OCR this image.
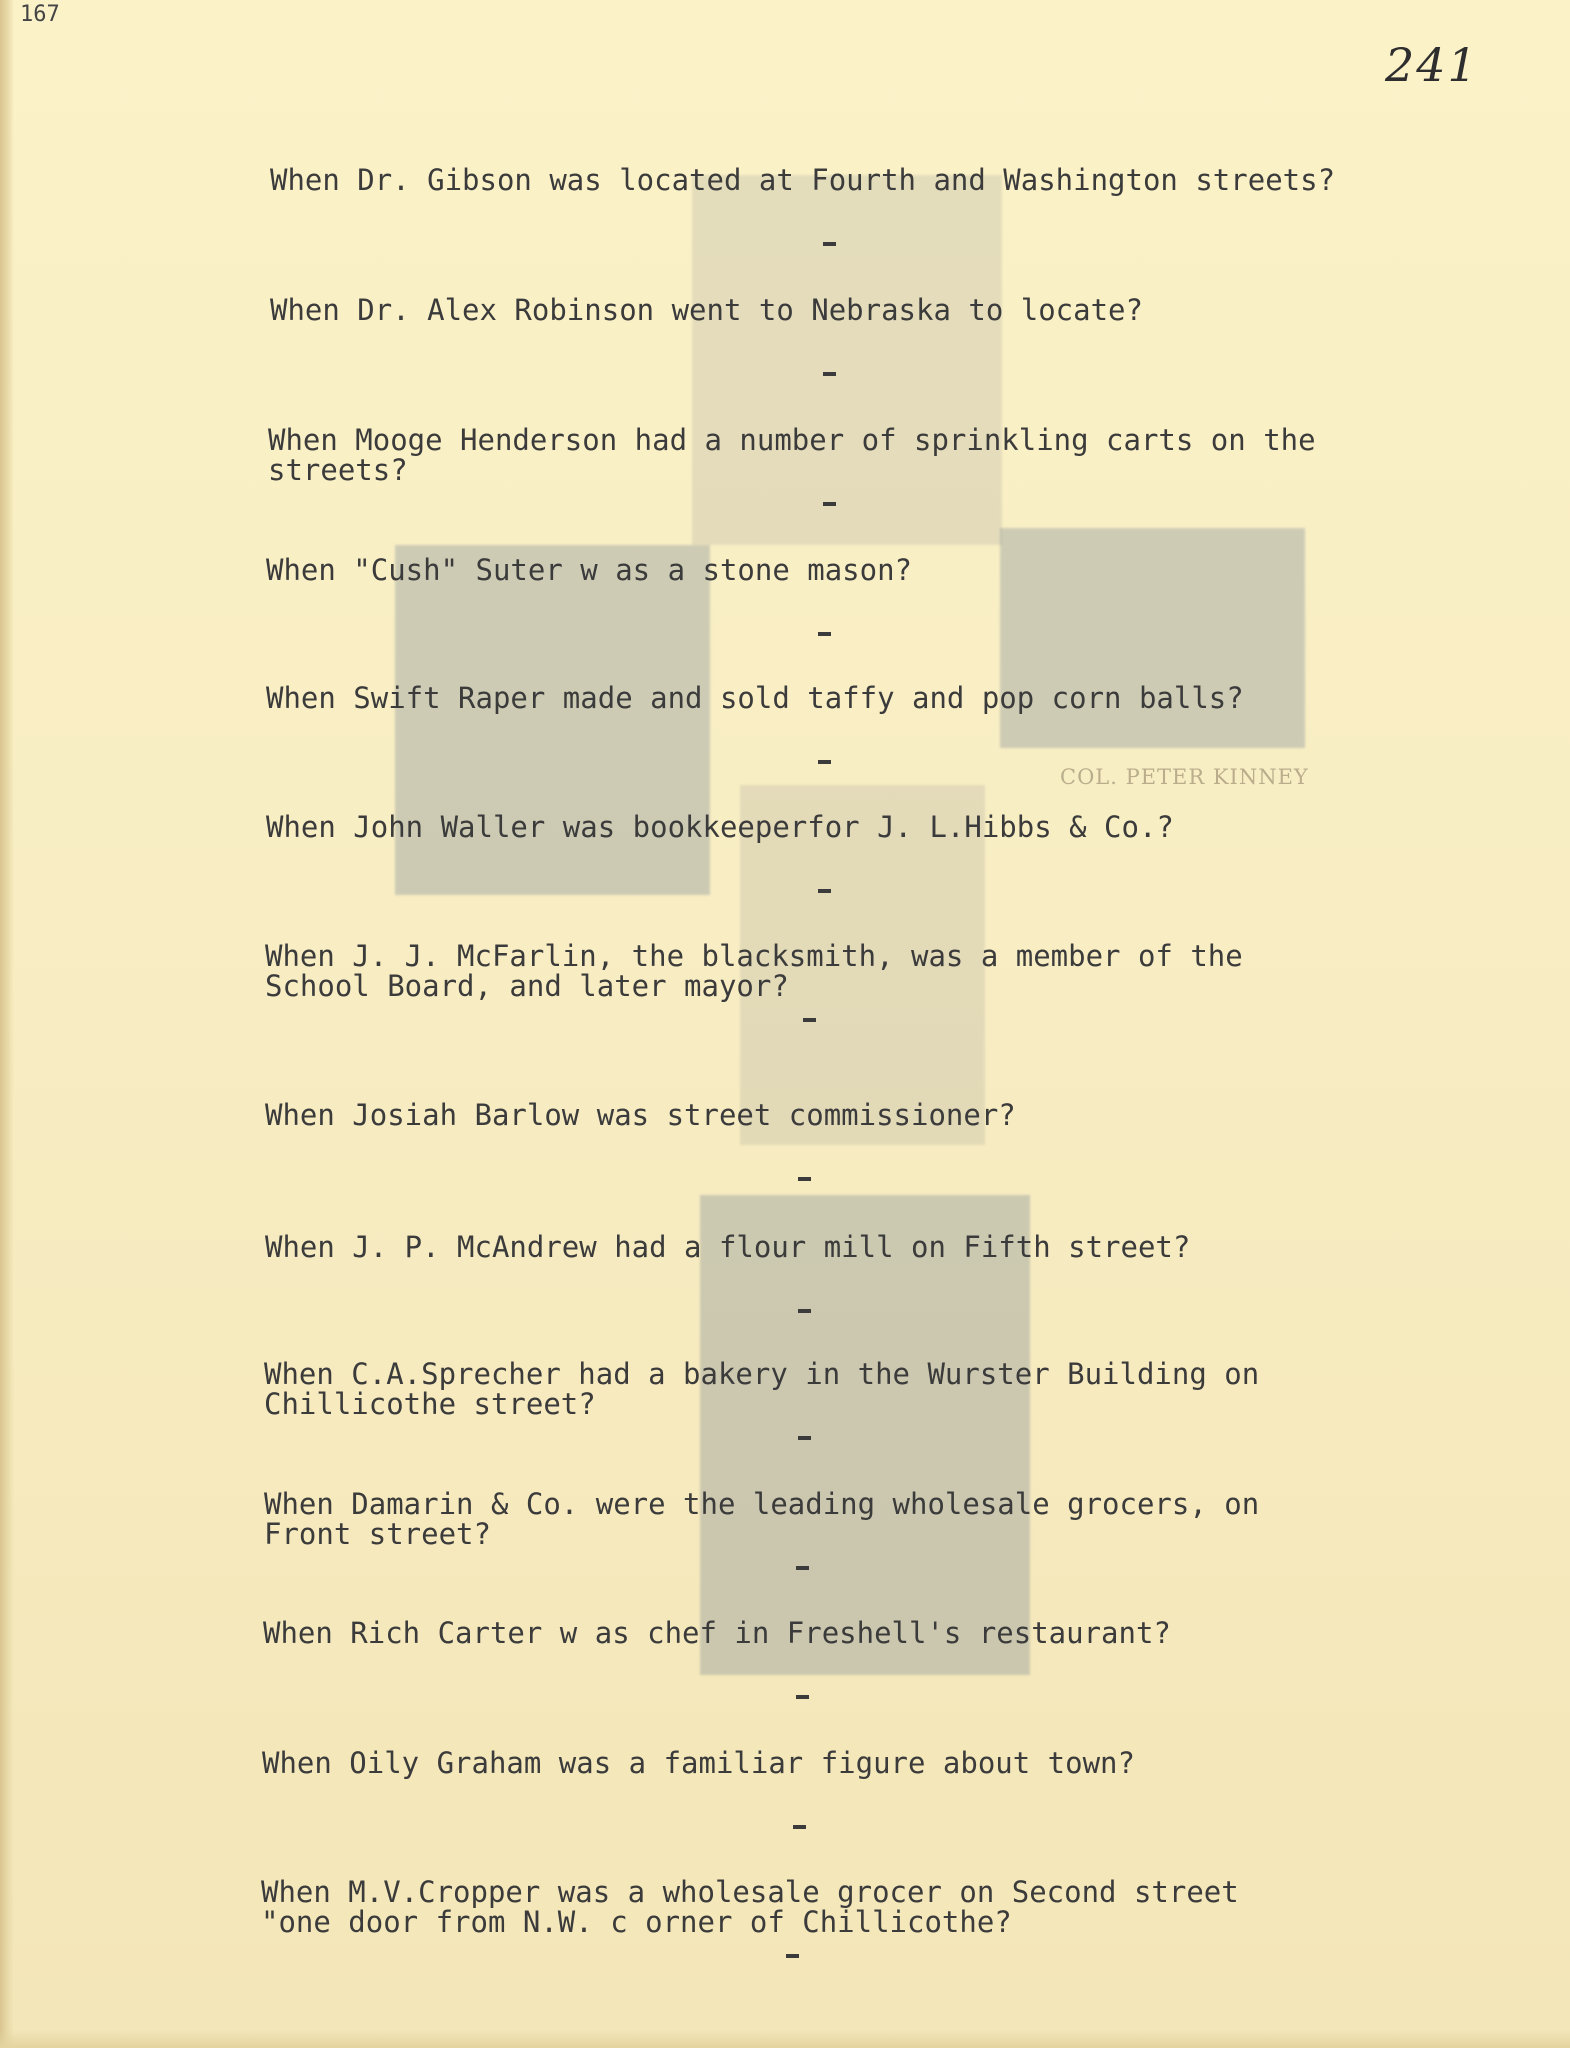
COL. PETER KINNEY
167
241
When Dr. Gibson was located at Fourth and Washington streets?
When Dr. Alex Robinson went to Nebraska to locate?
When Mooge Henderson had a number of sprinkling carts on the
streets?
When "Cush" Suter w as a stone mason?
When Swift Raper made and sold taffy and pop corn balls?
When John Waller was bookkeeperfor J. L.Hibbs & Co.?
When J. J. McFarlin, the blacksmith, was a member of the
School Board, and later mayor?
When Josiah Barlow was street commissioner?
When J. P. McAndrew had a flour mill on Fifth street?
When C.A.Sprecher had a bakery in the Wurster Building on
Chillicothe street?
When Damarin & Co. were the leading wholesale grocers, on
Front street?
When Rich Carter w as chef in Freshell's restaurant?
When Oily Graham was a familiar figure about town?
When M.V.Cropper was a wholesale grocer on Second street
"one door from N.W. c orner of Chillicothe?
